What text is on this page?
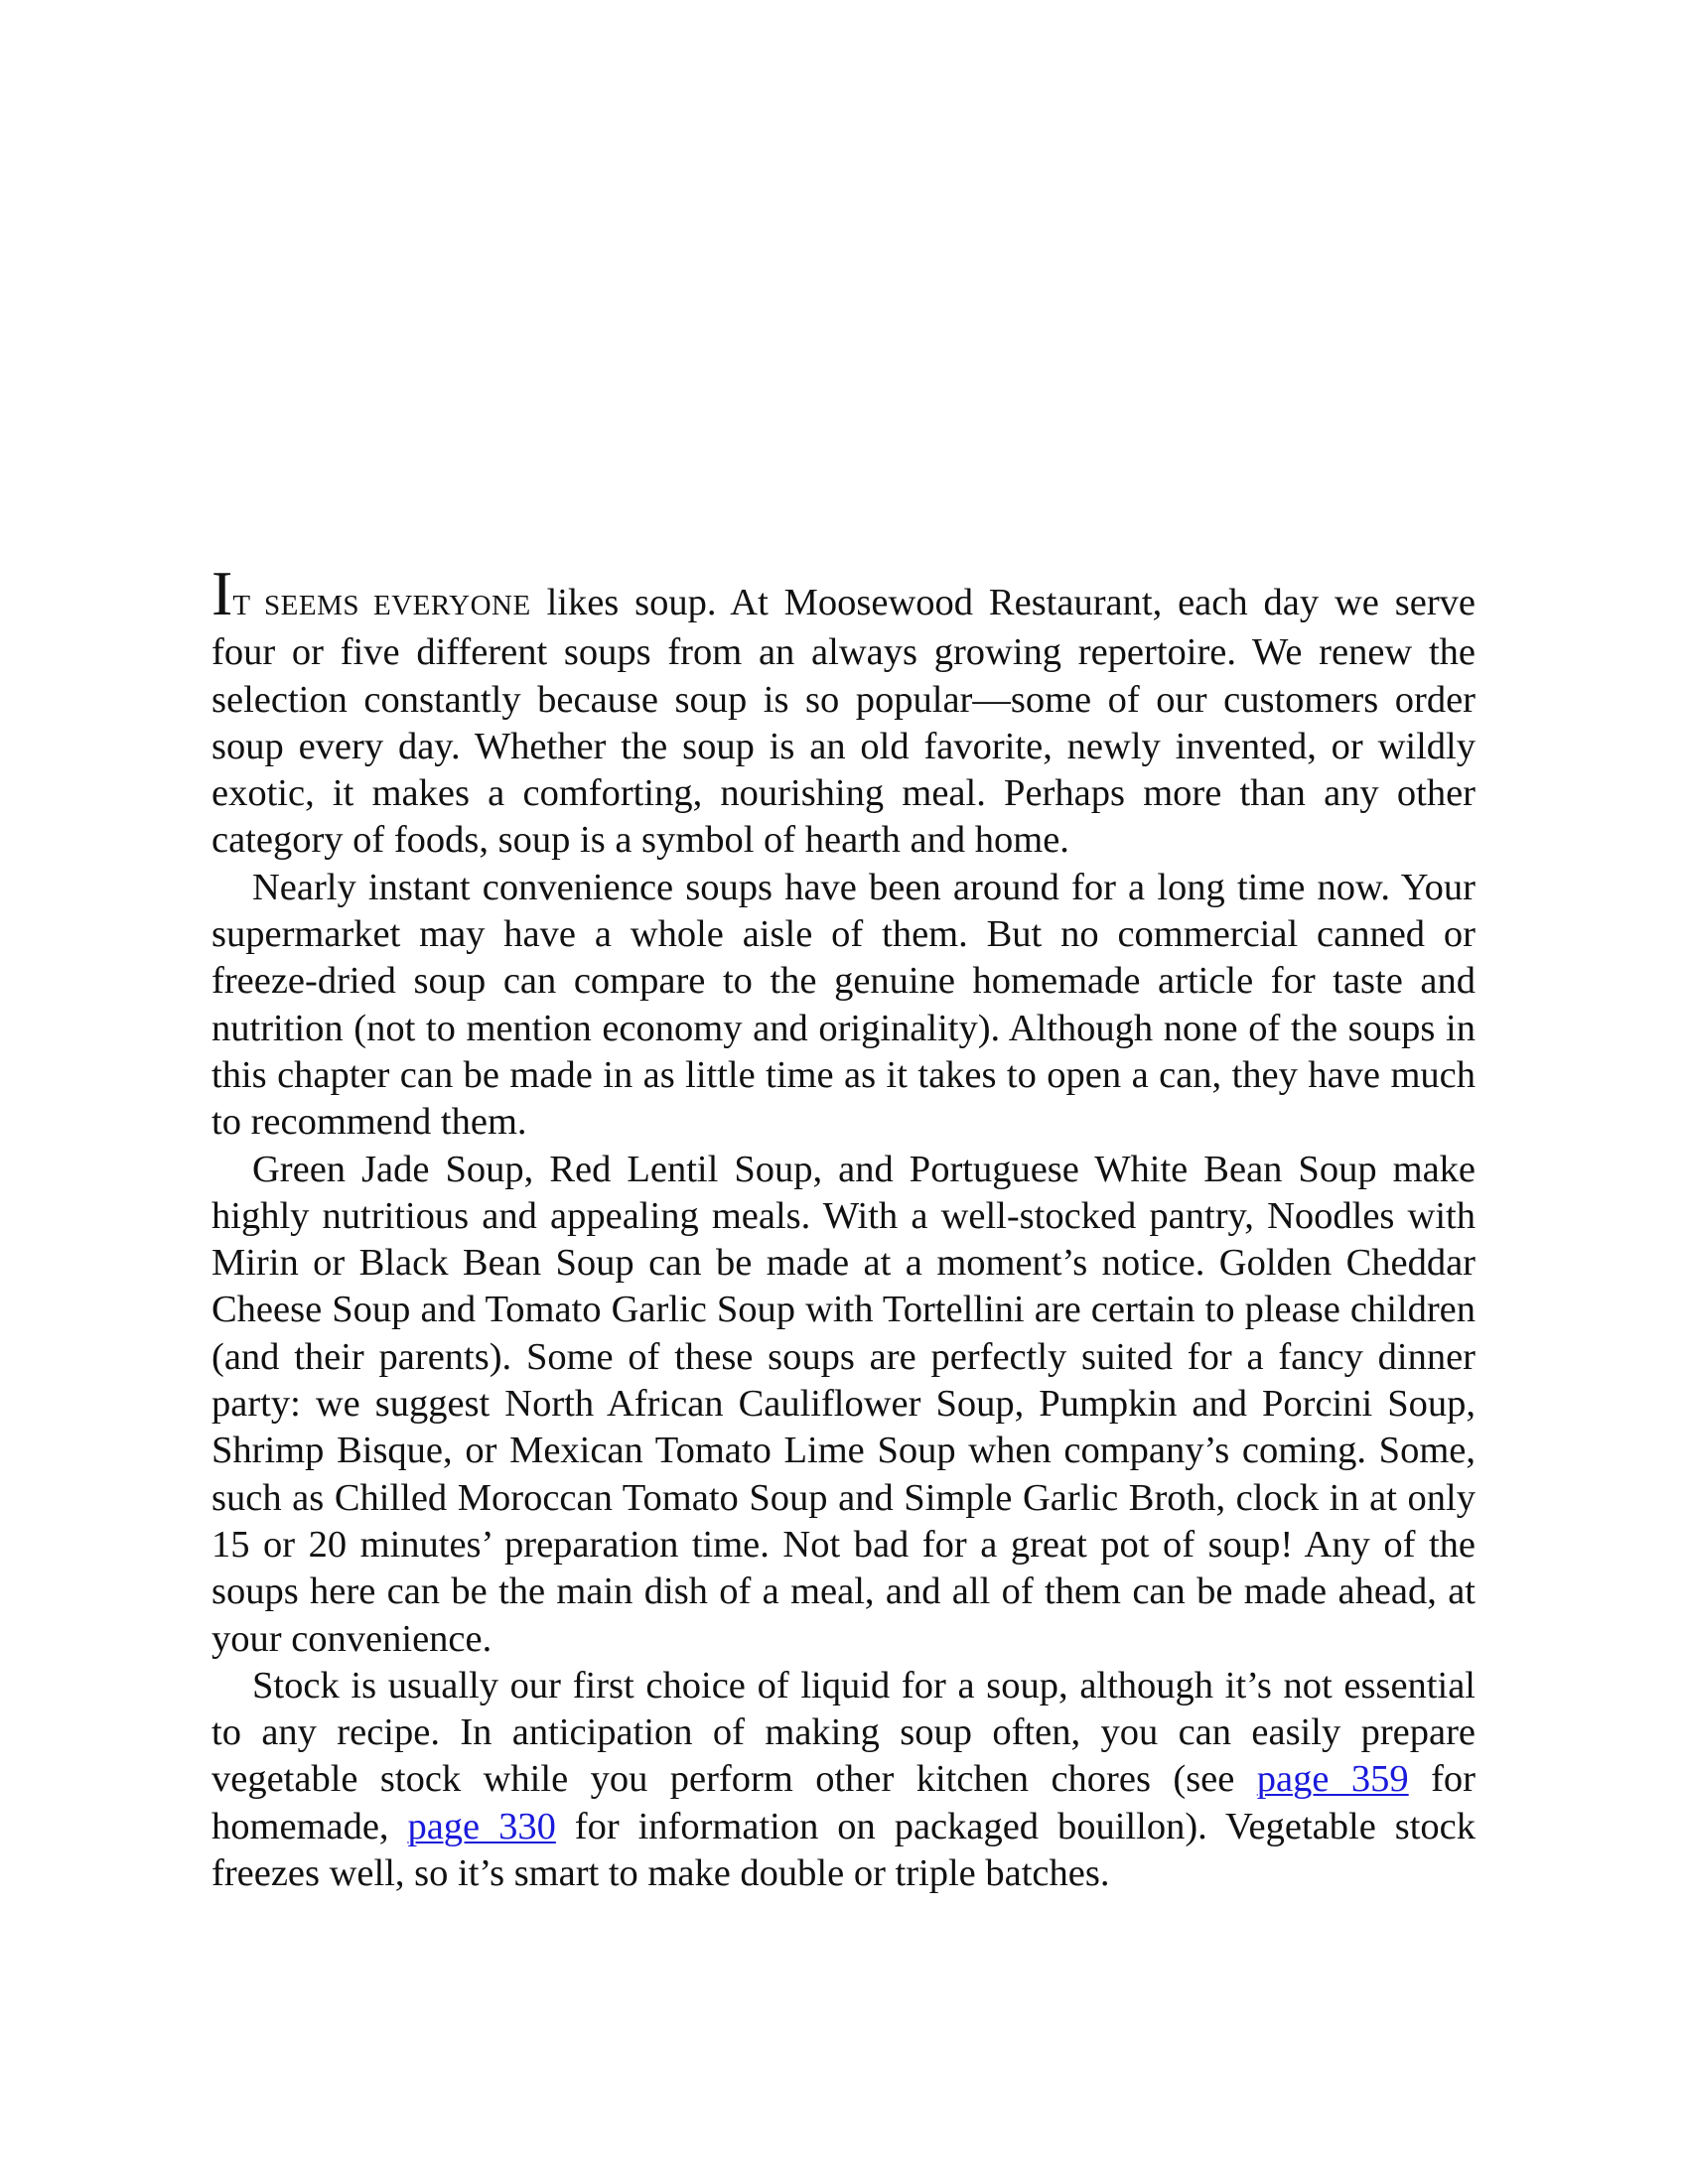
IT SEEMS EVERYONE likes soup. At Moosewood Restaurant, each day we serve four or five different soups from an always growing repertoire. We renew the selection constantly because soup is so popular—some of our customers order soup every day. Whether the soup is an old favorite, newly invented, or wildly exotic, it makes a comforting, nourishing meal. Perhaps more than any other category of foods, soup is a symbol of hearth and home.

Nearly instant convenience soups have been around for a long time now. Your supermarket may have a whole aisle of them. But no commercial canned or freeze-dried soup can compare to the genuine homemade article for taste and nutrition (not to mention economy and originality). Although none of the soups in this chapter can be made in as little time as it takes to open a can, they have much to recommend them.

Green Jade Soup, Red Lentil Soup, and Portuguese White Bean Soup make highly nutritious and appealing meals. With a well-stocked pantry, Noodles with Mirin or Black Bean Soup can be made at a moment’s notice. Golden Cheddar Cheese Soup and Tomato Garlic Soup with Tortellini are certain to please children (and their parents). Some of these soups are perfectly suited for a fancy dinner party: we suggest North African Cauliflower Soup, Pumpkin and Porcini Soup, Shrimp Bisque, or Mexican Tomato Lime Soup when company’s coming. Some, such as Chilled Moroccan Tomato Soup and Simple Garlic Broth, clock in at only 15 or 20 minutes’ preparation time. Not bad for a great pot of soup! Any of the soups here can be the main dish of a meal, and all of them can be made ahead, at your convenience.

Stock is usually our first choice of liquid for a soup, although it’s not essential to any recipe. In anticipation of making soup often, you can easily prepare vegetable stock while you perform other kitchen chores (see page 359 for homemade, page 330 for information on packaged bouillon). Vegetable stock freezes well, so it’s smart to make double or triple batches.
